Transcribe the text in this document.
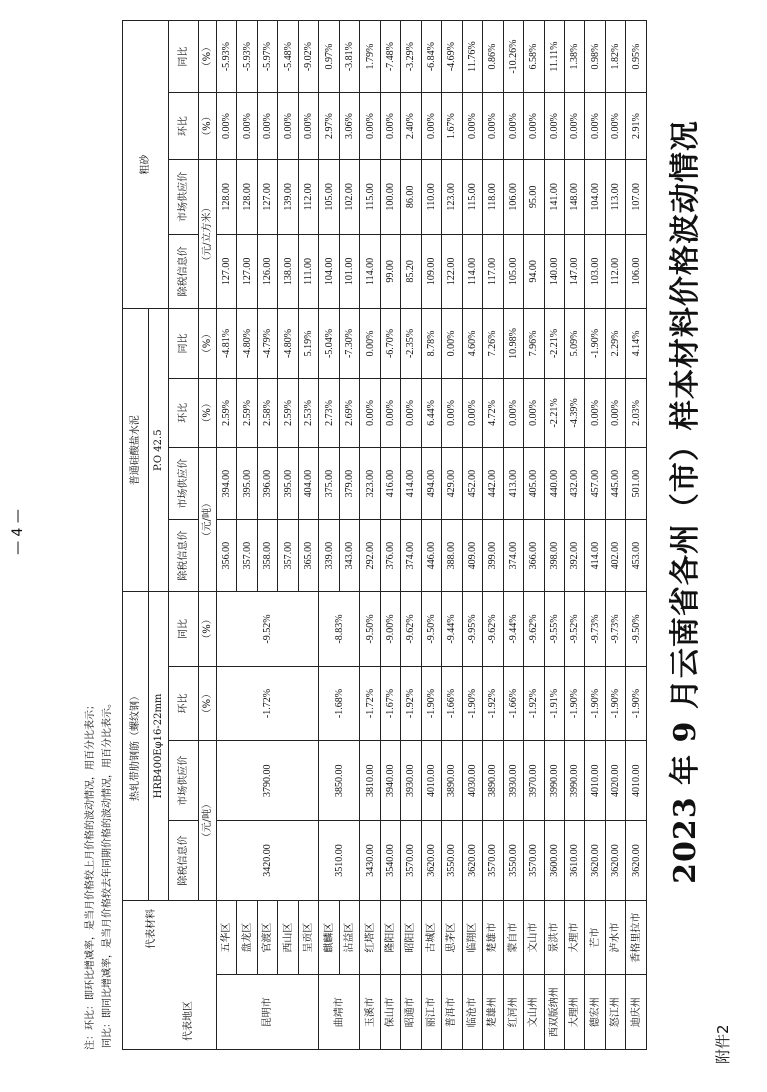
附件2
2023 年 9 月云南省各州（市）样本材料价格波动情况
代表材料
代表地区		热轧带肋钢筋（螺纹钢）				普通硅酸盐水泥				粗砂			
		HRB400Eφ16-22mm				P.O 42.5							
		除税信息价	市场供应价	环比	同比	除税信息价	市场供应价	环比	同比	除税信息价	市场供应价	环比	同比
		（元/吨）		（%）	（%）	（元/吨）		（%）	（%）	（元/立方米）		（%）	（%）
昆明市	五华区	3420.00	3790.00	-1.72%	-9.52%	356.00	394.00	2.59%	-4.81%	127.00	128.00	0.00%	-5.93%
	盘龙区					357.00	395.00	2.59%	-4.80%	127.00	128.00	0.00%	-5.93%
	官渡区					358.00	396.00	2.58%	-4.79%	126.00	127.00	0.00%	-5.97%
	西山区					357.00	395.00	2.59%	-4.80%	138.00	139.00	0.00%	-5.48%
	呈贡区					365.00	404.00	2.53%	5.19%	111.00	112.00	0.00%	-9.02%
曲靖市	麒麟区	3510.00	3850.00	-1.68%	-8.83%	339.00	375.00	2.73%	-5.04%	104.00	105.00	2.97%	0.97%
	沾益区					343.00	379.00	2.69%	-7.30%	101.00	102.00	3.06%	-3.81%
玉溪市	红塔区	3430.00	3810.00	-1.72%	-9.50%	292.00	323.00	0.00%	0.00%	114.00	115.00	0.00%	1.79%
保山市	隆阳区	3540.00	3940.00	-1.67%	-9.00%	376.00	416.00	0.00%	-6.70%	99.00	100.00	0.00%	-7.48%
昭通市	昭阳区	3570.00	3930.00	-1.92%	-9.62%	374.00	414.00	0.00%	-2.35%	85.20	86.00	2.40%	-3.29%
丽江市	古城区	3620.00	4010.00	-1.90%	-9.50%	446.00	494.00	6.44%	8.78%	109.00	110.00	0.00%	-6.84%
普洱市	思茅区	3550.00	3890.00	-1.66%	-9.44%	388.00	429.00	0.00%	0.00%	122.00	123.00	1.67%	-4.69%
临沧市	临翔区	3620.00	4030.00	-1.90%	-9.95%	409.00	452.00	0.00%	4.60%	114.00	115.00	0.00%	11.76%
楚雄州	楚雄市	3570.00	3890.00	-1.92%	-9.62%	399.00	442.00	4.72%	7.26%	117.00	118.00	0.00%	0.86%
红河州	蒙自市	3550.00	3930.00	-1.66%	-9.44%	374.00	413.00	0.00%	10.98%	105.00	106.00	0.00%	-10.26%
文山州	文山市	3570.00	3970.00	-1.92%	-9.62%	366.00	405.00	0.00%	7.96%	94.00	95.00	0.00%	6.58%
西双版纳州	景洪市	3600.00	3990.00	-1.91%	-9.55%	398.00	440.00	-2.21%	-2.21%	140.00	141.00	0.00%	11.11%
大理州	大理市	3610.00	3990.00	-1.90%	-9.52%	392.00	432.00	-4.39%	5.09%	147.00	148.00	0.00%	1.38%
德宏州	芒市	3620.00	4010.00	-1.90%	-9.73%	414.00	457.00	0.00%	-1.90%	103.00	104.00	0.00%	0.98%
怒江州	泸水市	3620.00	4020.00	-1.90%	-9.73%	402.00	445.00	0.00%	2.29%	112.00	113.00	0.00%	1.82%
迪庆州	香格里拉市	3620.00	4010.00	-1.90%	-9.50%	453.00	501.00	2.03%	4.14%	106.00	107.00	2.91%	0.95%
注：环比：即环比增减率，是当月价格较上月价格的波动情况，用百分比表示； 同比：即同比增减率，是当月价格较去年同期价格的波动情况，用百分比表示。
— 4 —
